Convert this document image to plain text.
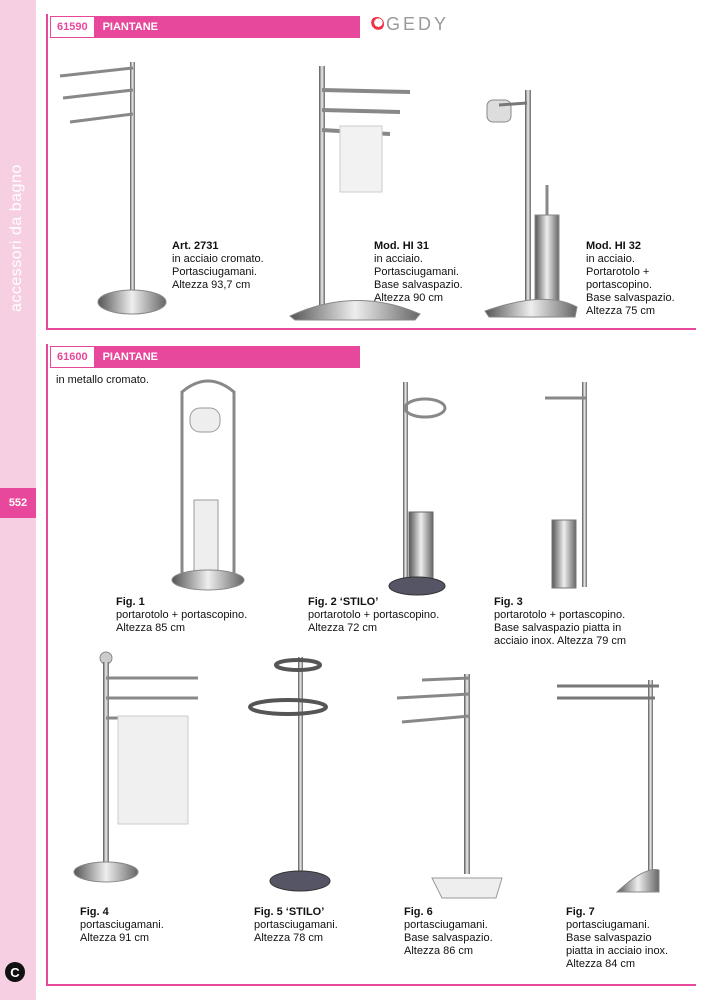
accessori da bagno
552
C
GEDY
61590	PIANTANE
Art. 2731
in acciaio cromato.
Portasciugamani.
Altezza 93,7 cm
Mod. HI 31
in acciaio.
Portasciugamani.
Base salvaspazio.
Altezza 90 cm
Mod. HI 32
in acciaio.
Portarotolo +
portascopino.
Base salvaspazio.
Altezza 75 cm
61600	PIANTANE
in metallo cromato.
Fig. 1
portarotolo + portascopino.
Altezza 85 cm
Fig. 2 ‘STILO’
portarotolo + portascopino.
Altezza 72 cm
Fig. 3
portarotolo + portascopino.
Base salvaspazio piatta in
acciaio inox. Altezza 79 cm
Fig. 4
portasciugamani.
Altezza 91 cm
Fig. 5 ‘STILO’
portasciugamani.
Altezza 78 cm
Fig. 6
portasciugamani.
Base salvaspazio.
Altezza 86 cm
Fig. 7
portasciugamani.
Base salvaspazio
piatta in acciaio inox.
Altezza 84 cm
